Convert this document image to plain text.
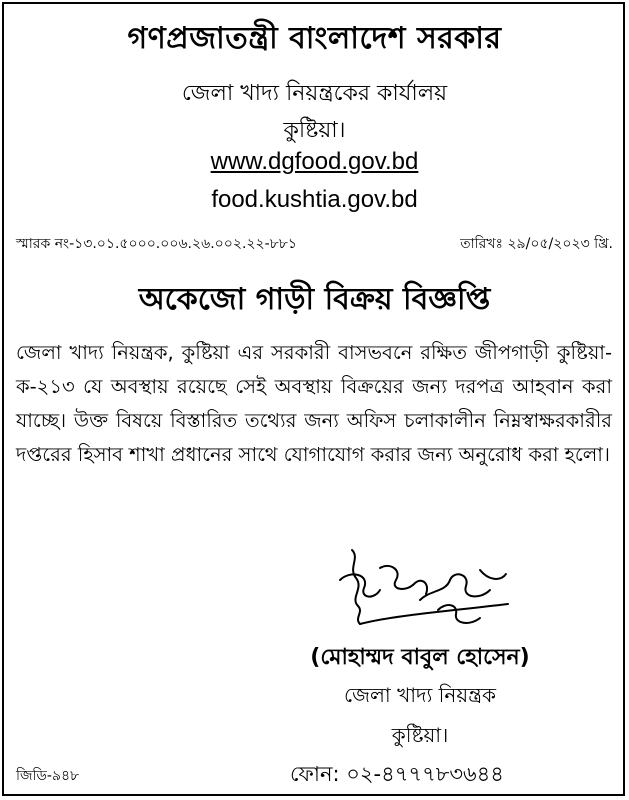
গণপ্রজাতন্ত্রী বাংলাদেশ সরকার
জেলা খাদ্য নিয়ন্ত্রকের কার্যালয়
কুষ্টিয়া।
www.dgfood.gov.bd
food.kushtia.gov.bd
স্মারক নং-১৩.০১.৫০০০.০০৬.২৬.০০২.২২-৮৮১	তারিখঃ ২৯/০৫/২০২৩ খ্রি.
অকেজো গাড়ী বিক্রয় বিজ্ঞপ্তি
জেলা খাদ্য নিয়ন্ত্রক, কুষ্টিয়া এর সরকারী বাসভবনে রক্ষিত জীপগাড়ী কুষ্টিয়া-ক-২১৩ যে অবস্থায় রয়েছে সেই অবস্থায় বিক্রয়ের জন্য দরপত্র আহবান করা যাচ্ছে। উক্ত বিষয়ে বিস্তারিত তথ্যের জন্য অফিস চলাকালীন নিম্নস্বাক্ষরকারীর দপ্তরের হিসাব শাখা প্রধানের সাথে যোগাযোগ করার জন্য অনুরোধ করা হলো।
(মোহাম্মদ বাবুল হোসেন)
জেলা খাদ্য নিয়ন্ত্রক
কুষ্টিয়া।
জিডি-৯৪৮	ফোন: ০২-৪৭৭৭৮৩৬৪৪
